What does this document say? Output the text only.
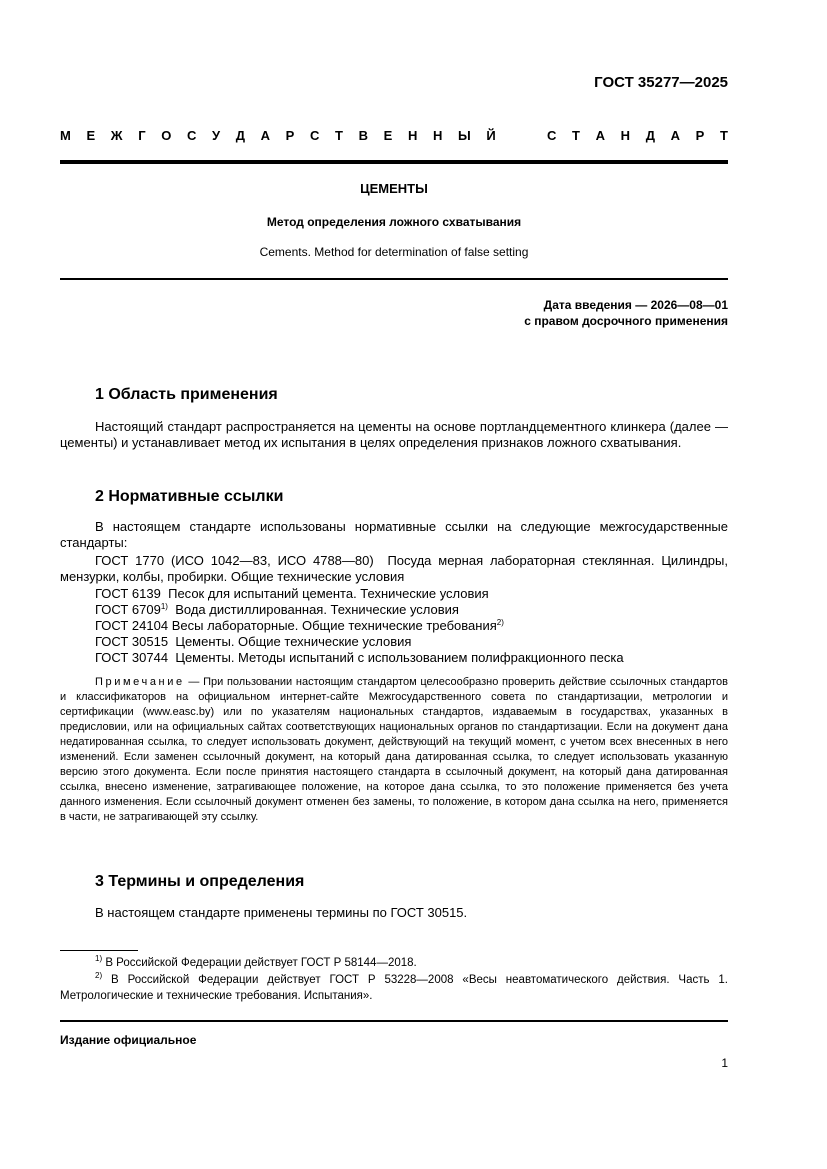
ГОСТ 35277—2025
М Е Ж Г О С У Д А Р С Т В Е Н Н Ы Й	С Т А Н Д А Р Т
ЦЕМЕНТЫ
Метод определения ложного схватывания
Cements. Method for determination of false setting
Дата введения — 2026—08—01
с правом досрочного применения
1 Область применения
Настоящий стандарт распространяется на цементы на основе портландцементного клинкера (далее — цементы) и устанавливает метод их испытания в целях определения признаков ложного схватывания.
2 Нормативные ссылки
В настоящем стандарте использованы нормативные ссылки на следующие межгосударственные стандарты:
ГОСТ 1770 (ИСО 1042—83, ИСО 4788—80) Посуда мерная лабораторная стеклянная. Цилиндры, мензурки, колбы, пробирки. Общие технические условия
ГОСТ 6139 Песок для испытаний цемента. Технические условия
ГОСТ 6709$^{1)}$ Вода дистиллированная. Технические условия
ГОСТ 24104 Весы лабораторные. Общие технические требования$^{2)}$
ГОСТ 30515 Цементы. Общие технические условия
ГОСТ 30744 Цементы. Методы испытаний с использованием полифракционного песка
Примечание — При пользовании настоящим стандартом целесообразно проверить действие ссылочных стандартов и классификаторов на официальном интернет-сайте Межгосударственного совета по стандартизации, метрологии и сертификации (www.easc.by) или по указателям национальных стандартов, издаваемым в государствах, указанных в предисловии, или на официальных сайтах соответствующих национальных органов по стандартизации. Если на документ дана недатированная ссылка, то следует использовать документ, действующий на текущий момент, с учетом всех внесенных в него изменений. Если заменен ссылочный документ, на который дана датированная ссылка, то следует использовать указанную версию этого документа. Если после принятия настоящего стандарта в ссылочный документ, на который дана датированная ссылка, внесено изменение, затрагивающее положение, на которое дана ссылка, то это положение применяется без учета данного изменения. Если ссылочный документ отменен без замены, то положение, в котором дана ссылка на него, применяется в части, не затрагивающей эту ссылку.
3 Термины и определения
В настоящем стандарте применены термины по ГОСТ 30515.
$^{1)}$ В Российской Федерации действует ГОСТ Р 58144—2018.
$^{2)}$ В Российской Федерации действует ГОСТ Р 53228—2008 «Весы неавтоматического действия. Часть 1. Метрологические и технические требования. Испытания».
Издание официальное
1
